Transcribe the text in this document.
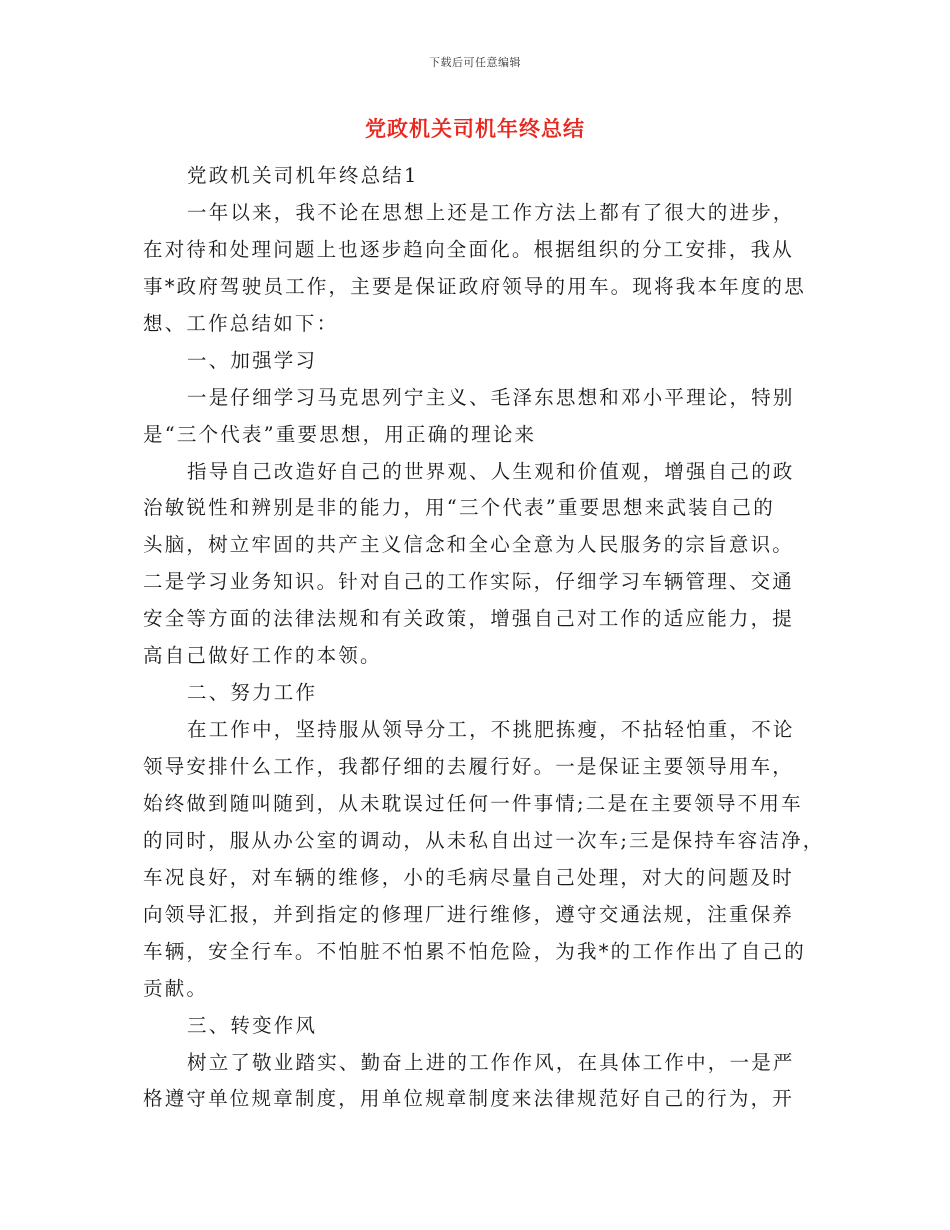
下载后可任意编辑
党政机关司机年终总结
党政机关司机年终总结1
一年以来，我不论在思想上还是工作方法上都有了很大的进步，
在对待和处理问题上也逐步趋向全面化。根据组织的分工安排，我从
事*政府驾驶员工作，主要是保证政府领导的用车。现将我本年度的思
想、工作总结如下：
一、加强学习
一是仔细学习马克思列宁主义、毛泽东思想和邓小平理论，特别
是“三个代表”重要思想，用正确的理论来
指导自己改造好自己的世界观、人生观和价值观，增强自己的政
治敏锐性和辨别是非的能力，用“三个代表”重要思想来武装自己的
头脑，树立牢固的共产主义信念和全心全意为人民服务的宗旨意识。
二是学习业务知识。针对自己的工作实际，仔细学习车辆管理、交通
安全等方面的法律法规和有关政策，增强自己对工作的适应能力，提
高自己做好工作的本领。
二、努力工作
在工作中，坚持服从领导分工，不挑肥拣瘦，不拈轻怕重，不论
领导安排什么工作，我都仔细的去履行好。一是保证主要领导用车，
始终做到随叫随到，从未耽误过任何一件事情;二是在主要领导不用车
的同时，服从办公室的调动，从未私自出过一次车;三是保持车容洁净，
车况良好，对车辆的维修，小的毛病尽量自己处理，对大的问题及时
向领导汇报，并到指定的修理厂进行维修，遵守交通法规，注重保养
车辆，安全行车。不怕脏不怕累不怕危险，为我*的工作作出了自己的
贡献。
三、转变作风
树立了敬业踏实、勤奋上进的工作作风，在具体工作中，一是严
格遵守单位规章制度，用单位规章制度来法律规范好自己的行为，开
